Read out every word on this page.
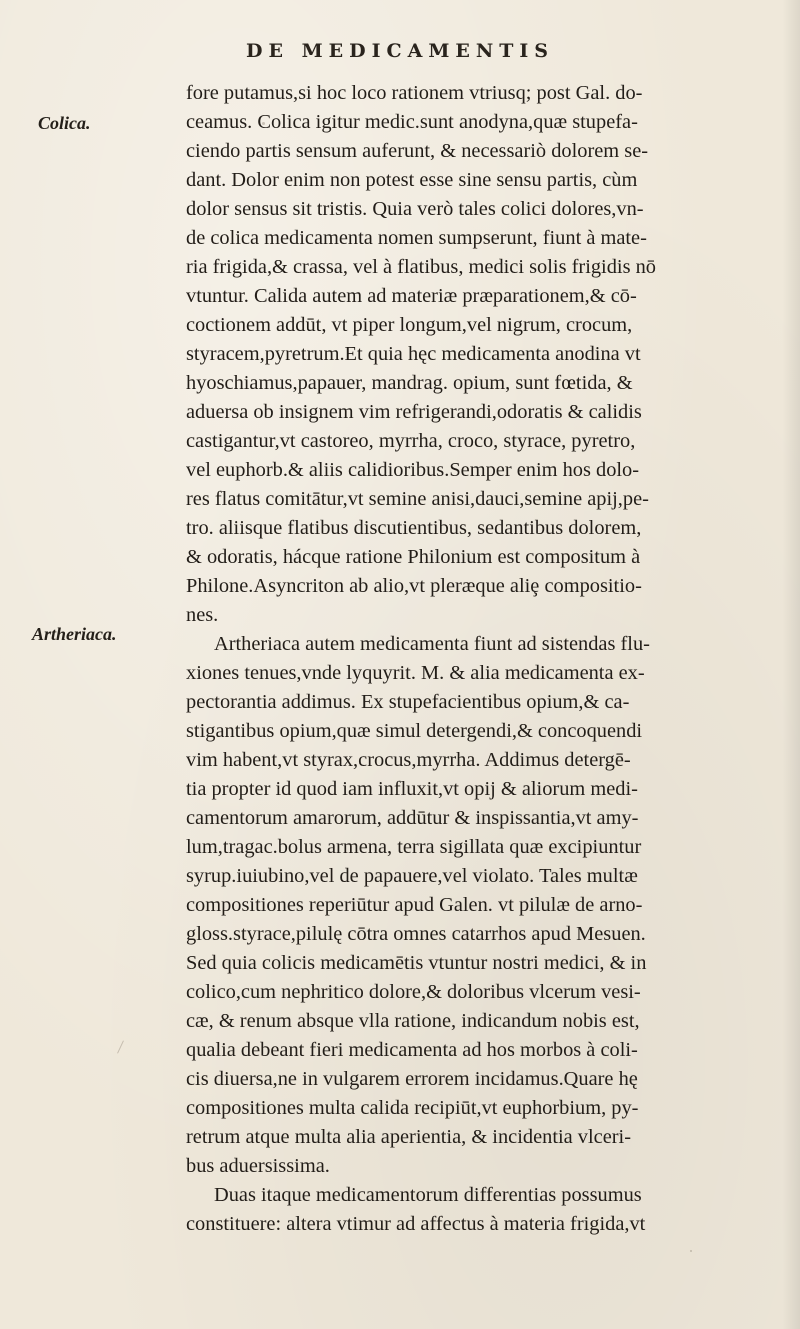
DE MEDICAMENTIS
Colica.
Artheriaca.
fore putamus,si hoc loco rationem vtriusq; post Gal. do-
ceamus. Colica igitur medic.sunt anodyna,quæ stupefa-
ciendo partis sensum auferunt, & necessariò dolorem se-
dant. Dolor enim non potest esse sine sensu partis, cùm
dolor sensus sit tristis. Quia verò tales colici dolores,vn-
de colica medicamenta nomen sumpserunt, fiunt à mate-
ria frigida,& crassa, vel à flatibus, medici solis frigidis nō
vtuntur. Calida autem ad materiæ præparationem,& cō-
coctionem addūt, vt piper longum,vel nigrum, crocum,
styracem,pyretrum.Et quia hęc medicamenta anodina vt
hyoschiamus,papauer, mandrag. opium, sunt fœtida, &
aduersa ob insignem vim refrigerandi,odoratis & calidis
castigantur,vt castoreo, myrrha, croco, styrace, pyretro,
vel euphorb.& aliis calidioribus.Semper enim hos dolo-
res flatus comitātur,vt semine anisi,dauci,semine apij,pe-
tro. aliisque flatibus discutientibus, sedantibus dolorem,
& odoratis, hácque ratione Philonium est compositum à
Philone.Asyncriton ab alio,vt pleræque aliȩ compositio-
nes.
Artheriaca autem medicamenta fiunt ad sistendas flu-
xiones tenues,vnde lyquyrit. M. & alia medicamenta ex-
pectorantia addimus. Ex stupefacientibus opium,& ca-
stigantibus opium,quæ simul detergendi,& concoquendi
vim habent,vt styrax,crocus,myrrha. Addimus detergē-
tia propter id quod iam influxit,vt opij & aliorum medi-
camentorum amarorum, addūtur & inspissantia,vt amy-
lum,tragac.bolus armena, terra sigillata quæ excipiuntur
syrup.iuiubino,vel de papauere,vel violato. Tales multæ
compositiones reperiūtur apud Galen. vt pilulæ de arno-
gloss.styrace,pilulę cōtra omnes catarrhos apud Mesuen.
Sed quia colicis medicamētis vtuntur nostri medici, & in
colico,cum nephritico dolore,& doloribus vlcerum vesi-
cæ, & renum absque vlla ratione, indicandum nobis est,
qualia debeant fieri medicamenta ad hos morbos à coli-
cis diuersa,ne in vulgarem errorem incidamus.Quare hę
compositiones multa calida recipiūt,vt euphorbium, py-
retrum atque multa alia aperientia, & incidentia vlceri-
bus aduersissima.
Duas itaque medicamentorum differentias possumus
constituere: altera vtimur ad affectus à materia frigida,vt
